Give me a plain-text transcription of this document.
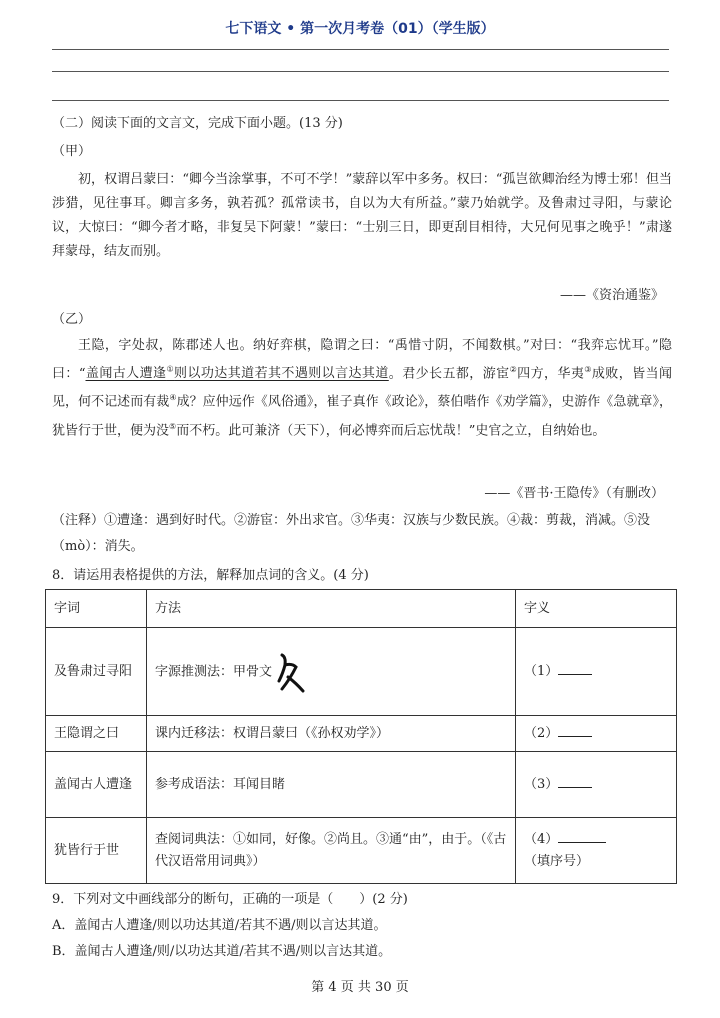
七下语文 • 第一次月考卷（01）（学生版）
（二）阅读下面的文言文，完成下面小题。(13 分)
（甲）
初，权谓吕蒙曰：“卿今当涂掌事，不可不学！”蒙辞以军中多务。权曰：“孤岂欲卿治经为博士邪！但当涉猎，见往事耳。卿言多务，孰若孤？孤常读书，自以为大有所益。”蒙乃始就学。及鲁肃过寻阳，与蒙论议，大惊曰：“卿今者才略，非复吴下阿蒙！”蒙曰：“士别三日，即更刮目相待，大兄何见事之晚乎！”肃遂拜蒙母，结友而别。
——《资治通鉴》
（乙）
王隐，字处叔，陈郡述人也。纳好弈棋，隐谓之曰：“禹惜寸阴，不闻数棋。”对曰：“我弈忘忧耳。”隐曰：“盖闻古人遭逢①则以功达其道若其不遇则以言达其道。君少长五都，游宦②四方，华夷③成败，皆当闻见，何不记述而有裁④成？应仲远作《风俗通》，崔子真作《政论》，蔡伯喈作《劝学篇》，史游作《急就章》，犹皆行于世，便为没⑤而不朽。此可兼济（天下），何必博弈而后忘忧哉！”史官之立，自纳始也。
——《晋书·王隐传》（有删改）
（注释）①遭逢：遇到好时代。②游宦：外出求官。③华夷：汉族与少数民族。④裁：剪裁，消减。⑤没（mò）：消失。
8．请运用表格提供的方法，解释加点词的含义。(4 分)
字词	方法	字义
及鲁肃过寻阳	字源推测法：甲骨文	（1）
王隐谓之曰	课内迁移法：权谓吕蒙曰（《孙权劝学》）	（2）
盖闻古人遭逢	参考成语法：耳闻目睹	（3）
犹皆行于世	查阅词典法：①如同，好像。②尚且。③通“由”，由于。（《古代汉语常用词典》）	（4）
（填序号）
9．下列对文中画线部分的断句，正确的一项是（　　）(2 分)
A．盖闻古人遭逢/则以功达其道/若其不遇/则以言达其道。
B．盖闻古人遭逢/则/以功达其道/若其不遇/则以言达其道。
第 4 页 共 30 页
